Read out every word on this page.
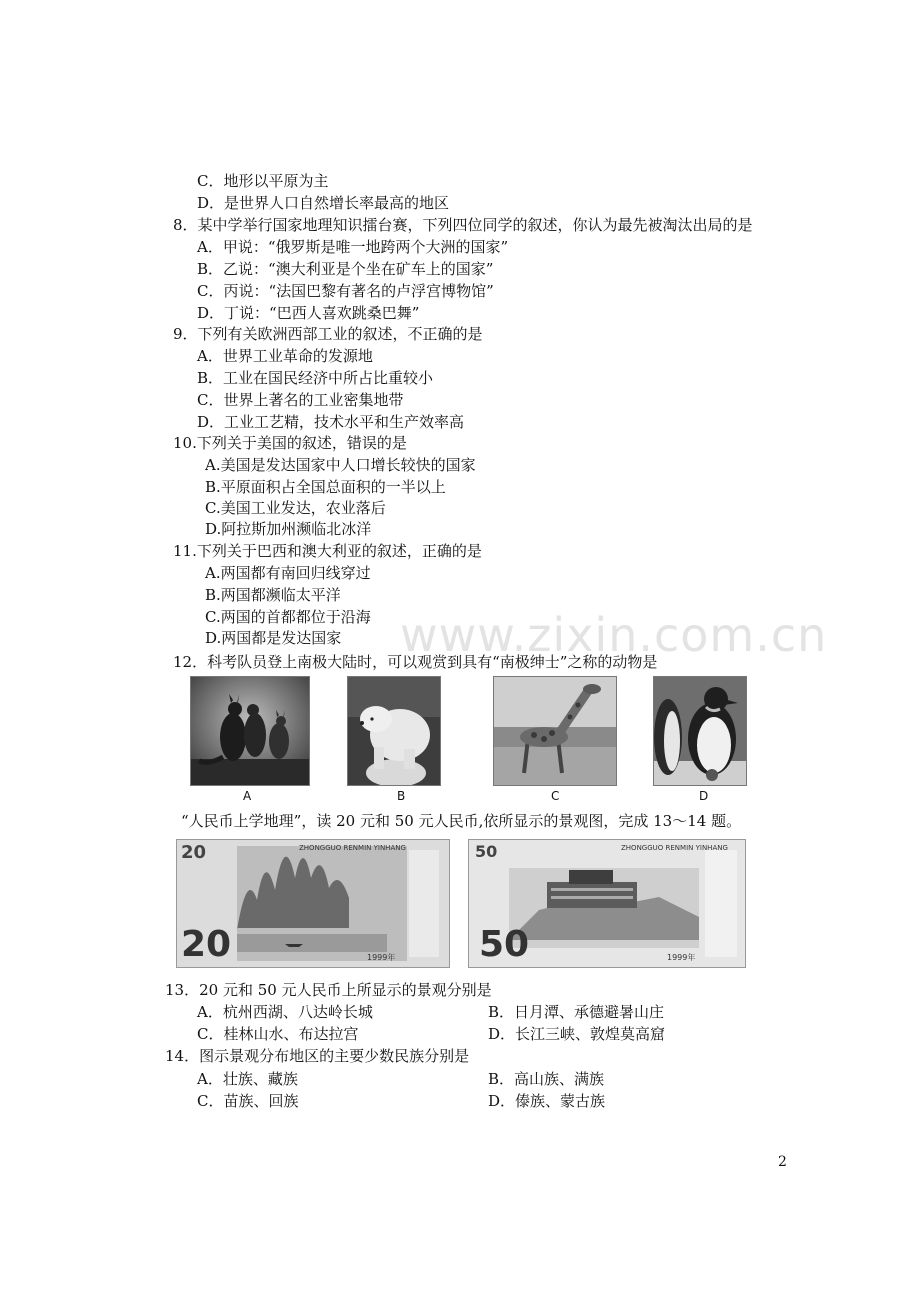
www.zixin.com.cn
C．地形以平原为主
D．是世界人口自然增长率最高的地区
8．某中学举行国家地理知识擂台赛，下列四位同学的叙述，你认为最先被淘汰出局的是
A．甲说：“俄罗斯是唯一地跨两个大洲的国家”
B．乙说：“澳大利亚是个坐在矿车上的国家”
C．丙说：“法国巴黎有著名的卢浮宫博物馆”
D．丁说：“巴西人喜欢跳桑巴舞”
9．下列有关欧洲西部工业的叙述，不正确的是
A．世界工业革命的发源地
B．工业在国民经济中所占比重较小
C．世界上著名的工业密集地带
D．工业工艺精，技术水平和生产效率高
10.下列关于美国的叙述，错误的是
A.美国是发达国家中人口增长较快的国家
B.平原面积占全国总面积的一半以上
C.美国工业发达，农业落后
D.阿拉斯加州濒临北冰洋
11.下列关于巴西和澳大利亚的叙述，正确的是
A.两国都有南回归线穿过
B.两国都濒临太平洋
C.两国的首都都位于沿海
D.两国都是发达国家
12．科考队员登上南极大陆时，可以观赏到具有“南极绅士”之称的动物是
A	B	C	D
“人民币上学地理”，读 20 元和 50 元人民币,依所显示的景观图，完成 13～14 题。
20
20
ZHONGGUO RENMIN YINHANG
1999年
50
50
ZHONGGUO RENMIN YINHANG
1999年
13．20 元和 50 元人民币上所显示的景观分别是
A．杭州西湖、八达岭长城	B．日月潭、承德避暑山庄
C．桂林山水、布达拉宫	D．长江三峡、敦煌莫高窟
14．图示景观分布地区的主要少数民族分别是
A．壮族、藏族	B．高山族、满族
C．苗族、回族	D．傣族、蒙古族
2
